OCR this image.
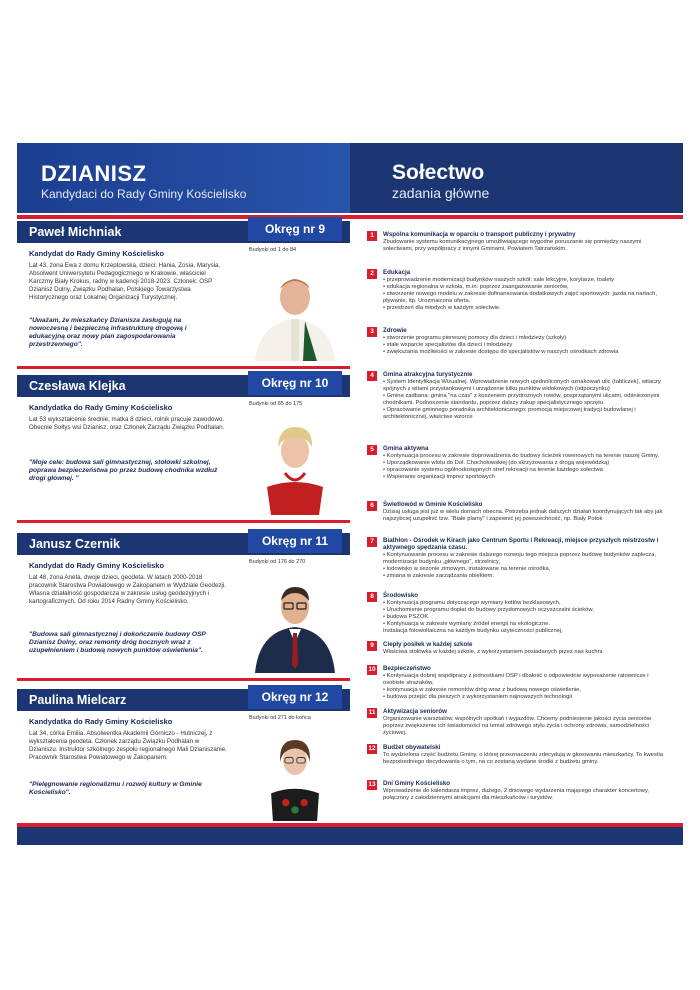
DZIANISZ
Kandydaci do Rady Gminy Kościelisko
Sołectwo
zadania główne
Paweł Michniak	Okręg nr 9
Budynki od 1 do 84
Kandydat do Rady Gminy Kościelisko
Lat 43, żona Ewa z domu Krzeptowska, dzieci: Hania, Zosia, Marysia. Absolwent Uniwersytetu Pedagogicznego w Krakowie, właściciel Karczmy Biały Krokus, radny w kadencji 2018-2023. Członek: OSP Dzianisz Dolny, Związku Podhalan, Polskiego Towarzystwa Historycznego oraz Lokalnej Organizacji Turystycznej.
"Uważam, że mieszkańcy Dzianisza zasługują na nowoczesną i bezpieczną infrastrukturę drogową i edukacyjną oraz nowy plan zagospodarowania przestrzennego".
Czesława Klejka	Okręg nr 10
Budynki od 85 do 175
Kandydatka do Rady Gminy Kościelisko
Lat 53 wykształcenie średnie, matka 8 dzieci, rolnik pracuje zawodowo. Obecnie Sołtys wsi Dzianisz, oraz Członek Zarządu Związku Podhalan.
"Moje cele: budowa sali gimnastycznej, stołówki szkolnej, poprawa bezpieczeństwa po przez budowę chodnika wzdłuż drogi głównej. "
Janusz Czernik	Okręg nr 11
Budynki od 176 do 270
Kandydat do Rady Gminy Kościelisko
Lat 48, żona Aneta, dwoje dzieci, geodeta. W latach 2000-2018 pracownik Starostwa Powiatowego w Zakopanem w Wydziale Geodezji. Własna działalność gospodarcza w zakresie usług geodezyjnych i kartograficznych. Od roku 2014 Radny Gminy Kościelisko.
"Budowa sali gimnastycznej i dokończenie budowy OSP Dzianisz Dolny, oraz remonty dróg bocznych wraz z uzupełnieniem i budową nowych punktów oświetlenia".
Paulina Mielcarz	Okręg nr 12
Budynki od 271 do końca
Kandydatka do Rady Gminy Kościelisko
Lat 34, córka Emilia. Absolwentka Akademii Górniczo - Hutniczej, z wykształcenia geodeta. Członek zarządu Związku Podhalan w Dzianiszu. Instruktor szkolnego zespołu regionalnego Mali Dzianiszanie. Pracownik Starostwa Powiatowego w Zakopanem.
"Pielęgnowanie regionalizmu i rozwój kultury w Gminie Kościelisko".
1	Wspólna komunikacja w oparciu o transport publiczny i prywatny
Zbudowanie systemu komunikacyjnego umożliwiającego wygodne poruszanie się pomiędzy naszymi sołectwami, przy współpracy z innymi Gminami, Powiatem Tatrzańskim.
2	Edukacja
• przeprowadzenie modernizacji budynków naszych szkół: sale lekcyjne, korytarze, toalety
• edukacja regionalna w szkoła, m.in: poprzez zaangażowanie seniorów,
• stworzenie nowego modelu w zakresie dofinansowania dodatkowych zajęć sportowych: jazda na nartach, pływanie, itp. Urozmaicona oferta.
• przestrzeń dla młodych w każdym sołectwie.
3	Zdrowie
• stworzenie programu pierwszej pomocy dla dzieci i młodzieży (szkoły)
• stałe wsparcie specjalistów dla dzieci i młodzieży
• zwiększania możliwości w zakresie dostępu do specjalistów w naszych ośrodkach zdrowia
4	Gmina atrakcyjna turystycznie
• System Identyfikacja Wizualnej. Wprowadzenie nowych ujednoliconych oznakowań ulic (tabliczek), witaczy spójnych z witami przystankowymi i urządzenie kilku punktów widokowych (odpoczynku)
• Gmina zadbana: gmina "na czas" z koszeniem przydrożnych rowów, posprzątanymi ulicami, odśnieżonymi chodnikami. Podnoszenie standardu, poprzez dalszy zakup specjalistycznego sprzętu.
• Opracowanie gminnego poradnika architektonicznego: promocja miejscowej tradycji budowlanej i architektonicznej, właściwe wzorce
5	Gmina aktywna
• Kontynuacja procesu w zakresie doprowadzenia do budowy ścieżek rowerowych na terenie naszej Gminy.
• Uporządkowanie wlotu do Dol. Chochołowskiej (do skrzyżowania z drogą wojewódzką)
• opracowanie systemu ogólnodostępnych stref rekreacji na terenie każdego sołectwa
• Wspieranie organizacji imprez sportowych
6	Świetlowód w Gminie Kościelisko
Dzisiaj usługa jest już w wielu domach obecna. Potrzeba jednak dalszych działań koordynujących tak aby jak najszybciej uzupełnić tzw. "Białe plamy" i zapewnić jej powszechność, np. Biały Potok
7	Biathlon - Ośrodek w Kirach jako Centrum Sportu i Rekreacji, miejsce przyszłych mistrzostw i aktywnego spędzania czasu.
• Kontynuowanie procesu w zakresie dalszego rozwoju tego miejsca poprzez budowę budynków zaplecza, modernizacje budynku „głównego", strzelnicy,
• lodowisko w sezonie zimowym, instalowane na terenie ośrodka,
• zmiana w zakresie zarządzania obiektem.
8	Środowisko
• Kontynuacja programu dotyczącego wymiany kotłów bezklasowych,
• Uruchomienie programu dopłat do budowy przydomowych oczyszczalni ścieków,
• budowa PSZOK
• Kontynuacja w zakresie wymiany źródeł energii na ekologiczne.
Instalacja fotowoltaiczna na każdym budynku użyteczności publicznej,
9	Ciepły posiłek w każdej szkole
Właściwa stołówka w każdej szkole, z wykorzystaniem posiadanych przez nas kuchni.
10 Bezpieczeństwo
• Kontynuacja dobrej współpracy z jednostkami OSP i dbałość o odpowiednie wyposażenie ratownicze i osobiste strażaków,
• kontynuacja w zakresie remontów dróg wraz z budową nowego oświetlenie,
• budowa przejść dla pieszych z wykorzystaniem najnowszych technologii
11 Aktywizacja seniorów
Organizowanie warsztatów, wspólnych spotkań i wyjazdów. Chcemy podniesienie jakości życia seniorów poprzez zwiększenie ich świadomości na temat zdrowego stylu życia i ochrony zdrowia, samodzielności życiowej.
12 Budżet obywatelski
To wydzielona część budżetu Gminy, o której przeznaczeniu zdecydują w głosowaniu mieszkańcy. To kwestia bezpośredniego decydowania o tym, na co zostaną wydane środki z budżetu gminy.
13 Dni Gminy Kościelisko
Wprowadzenie do kalendarza imprez, dużego, 2 dniowego wydarzenia mającego charakter koncertowy, połączony z całodziennymi atrakcjami dla mieszkańców i turystów.
